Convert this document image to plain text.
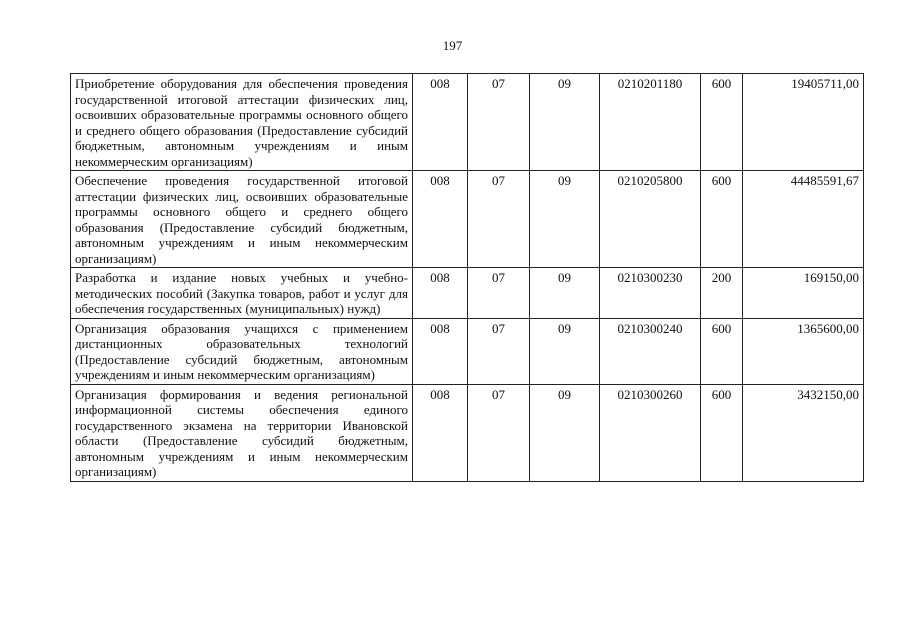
197
Приобретение оборудования для обеспечения проведения государственной итоговой аттестации физических лиц, освоивших образовательные программы основного общего и среднего общего образования (Предоставление субсидий бюджетным, автономным учреждениям и иным некоммерческим организациям)	008	07	09	0210201180	600	19405711,00
Обеспечение проведения государственной итоговой аттестации физических лиц, освоивших образовательные программы основного общего и среднего общего образования (Предоставление субсидий бюджетным, автономным учреждениям и иным некоммерческим организациям)	008	07	09	0210205800	600	44485591,67
Разработка и издание новых учебных и учебно-методических пособий (Закупка товаров, работ и услуг для обеспечения государственных (муниципальных) нужд)	008	07	09	0210300230	200	169150,00
Организация образования учащихся с применением дистанционных образовательных технологий (Предоставление субсидий бюджетным, автономным учреждениям и иным некоммерческим организациям)	008	07	09	0210300240	600	1365600,00
Организация формирования и ведения региональной информационной системы обеспечения единого государственного экзамена на территории Ивановской области (Предоставление субсидий бюджетным, автономным учреждениям и иным некоммерческим организациям)	008	07	09	0210300260	600	3432150,00
